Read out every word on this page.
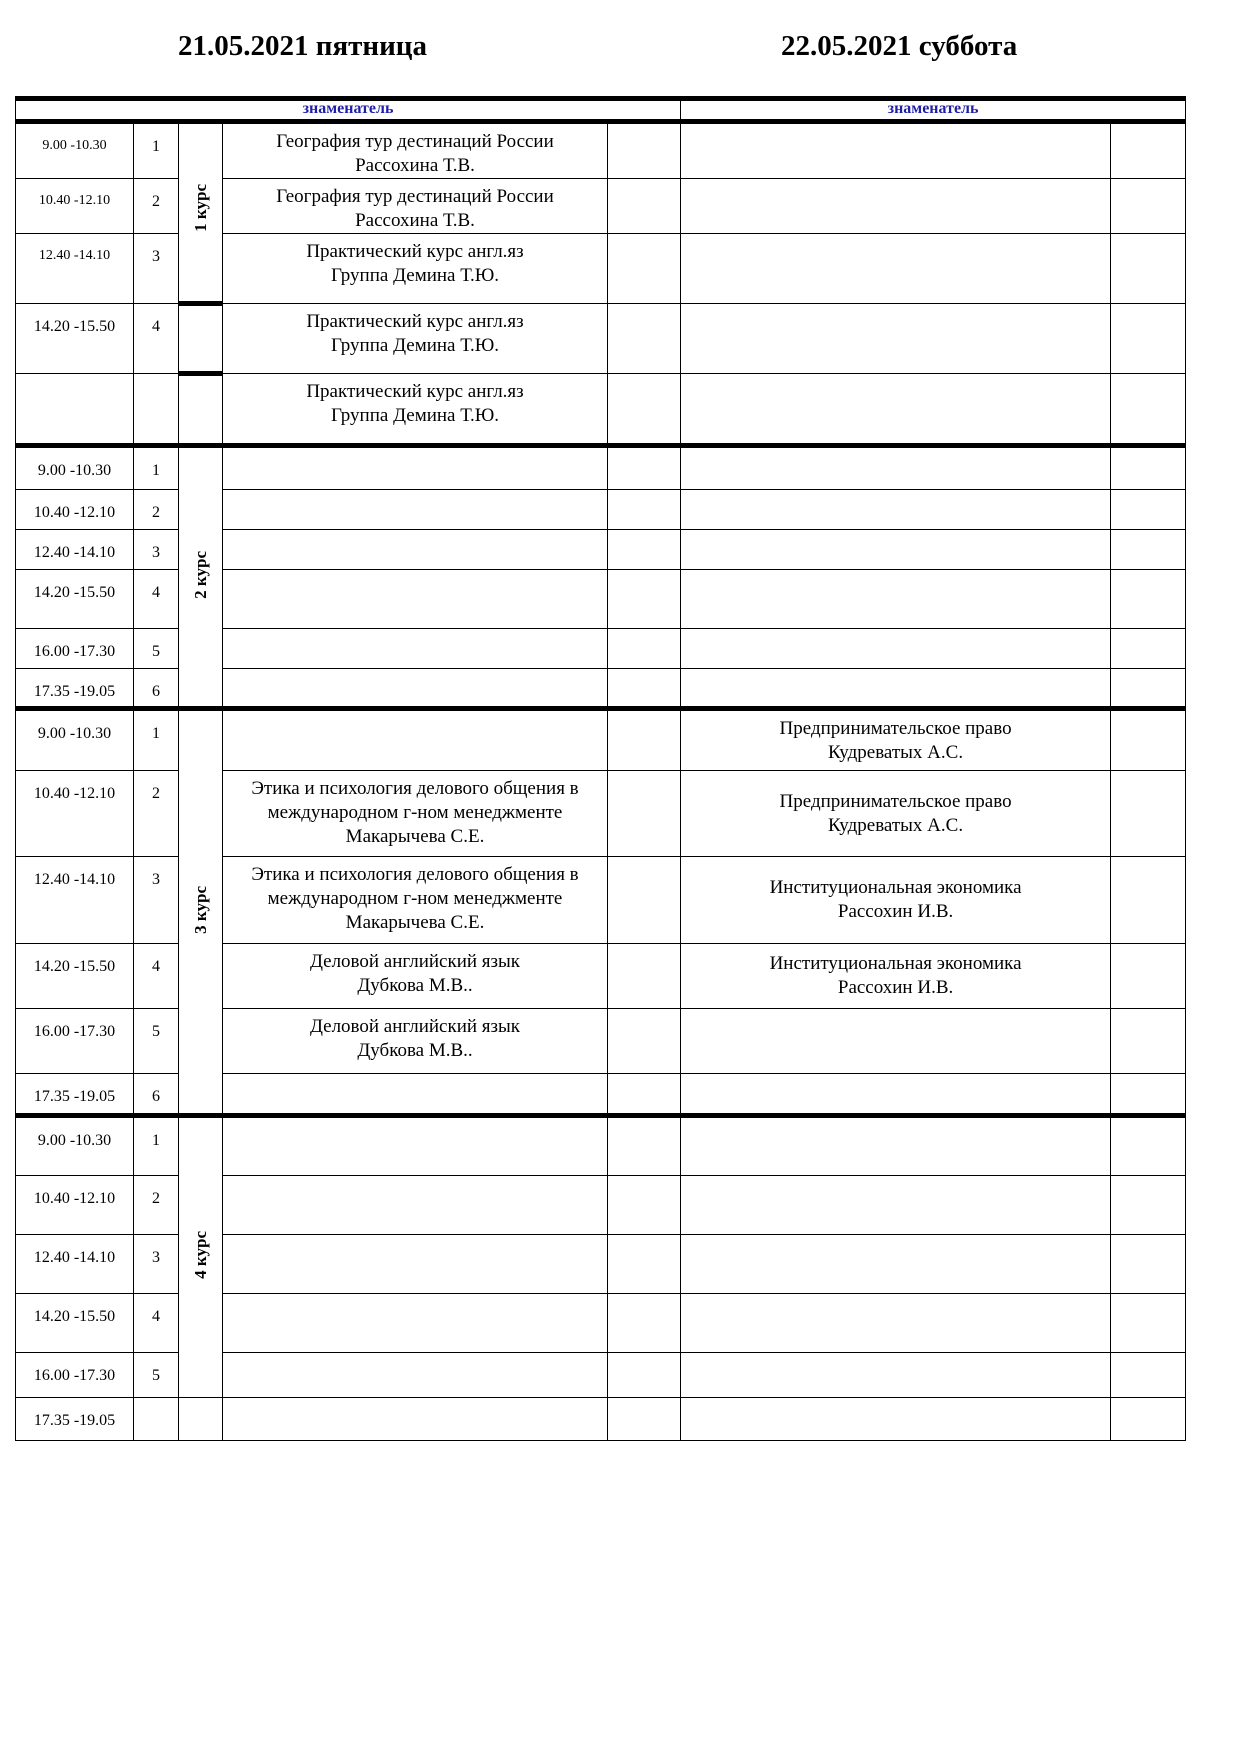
21.05.2021 пятница	22.05.2021 суббота
знаменатель					знаменатель	
9.00 -10.30	1	1 курс	География тур дестинаций России
Рассохина Т.В.			

10.40 -12.10	2		География тур дестинаций России
Рассохина Т.В.			

12.40 -14.10	3		Практический курс англ.яз
Группа Демина Т.Ю.			

14.20 -15.50	4		Практический курс англ.яз
Группа Демина Т.Ю.			

			Практический курс англ.яз
Группа Демина Т.Ю.			

9.00 -10.30	1	2 курс	

10.40 -12.10	2		

12.40 -14.10	3		

14.20 -15.50	4		

16.00 -17.30	5		

17.35 -19.05	6		

9.00 -10.30	1	3 курс			Предпринимательское право
Кудреватых А.С.	

10.40 -12.10	2		Этика и психология делового общения в
международном г-ном менеджменте
Макарычева С.Е.		Предпринимательское право
Кудреватых А.С.	

12.40 -14.10	3		Этика и психология делового общения в
международном г-ном менеджменте
Макарычева С.Е.		Институциональная экономика
Рассохин И.В.	

14.20 -15.50	4		Деловой английский язык
Дубкова М.В..		Институциональная экономика
Рассохин И.В.	

16.00 -17.30	5		Деловой английский язык
Дубкова М.В..			

17.35 -19.05	6		

9.00 -10.30	1	4 курс	

10.40 -12.10	2		

12.40 -14.10	3		

14.20 -15.50	4		

16.00 -17.30	5		

17.35 -19.05			
